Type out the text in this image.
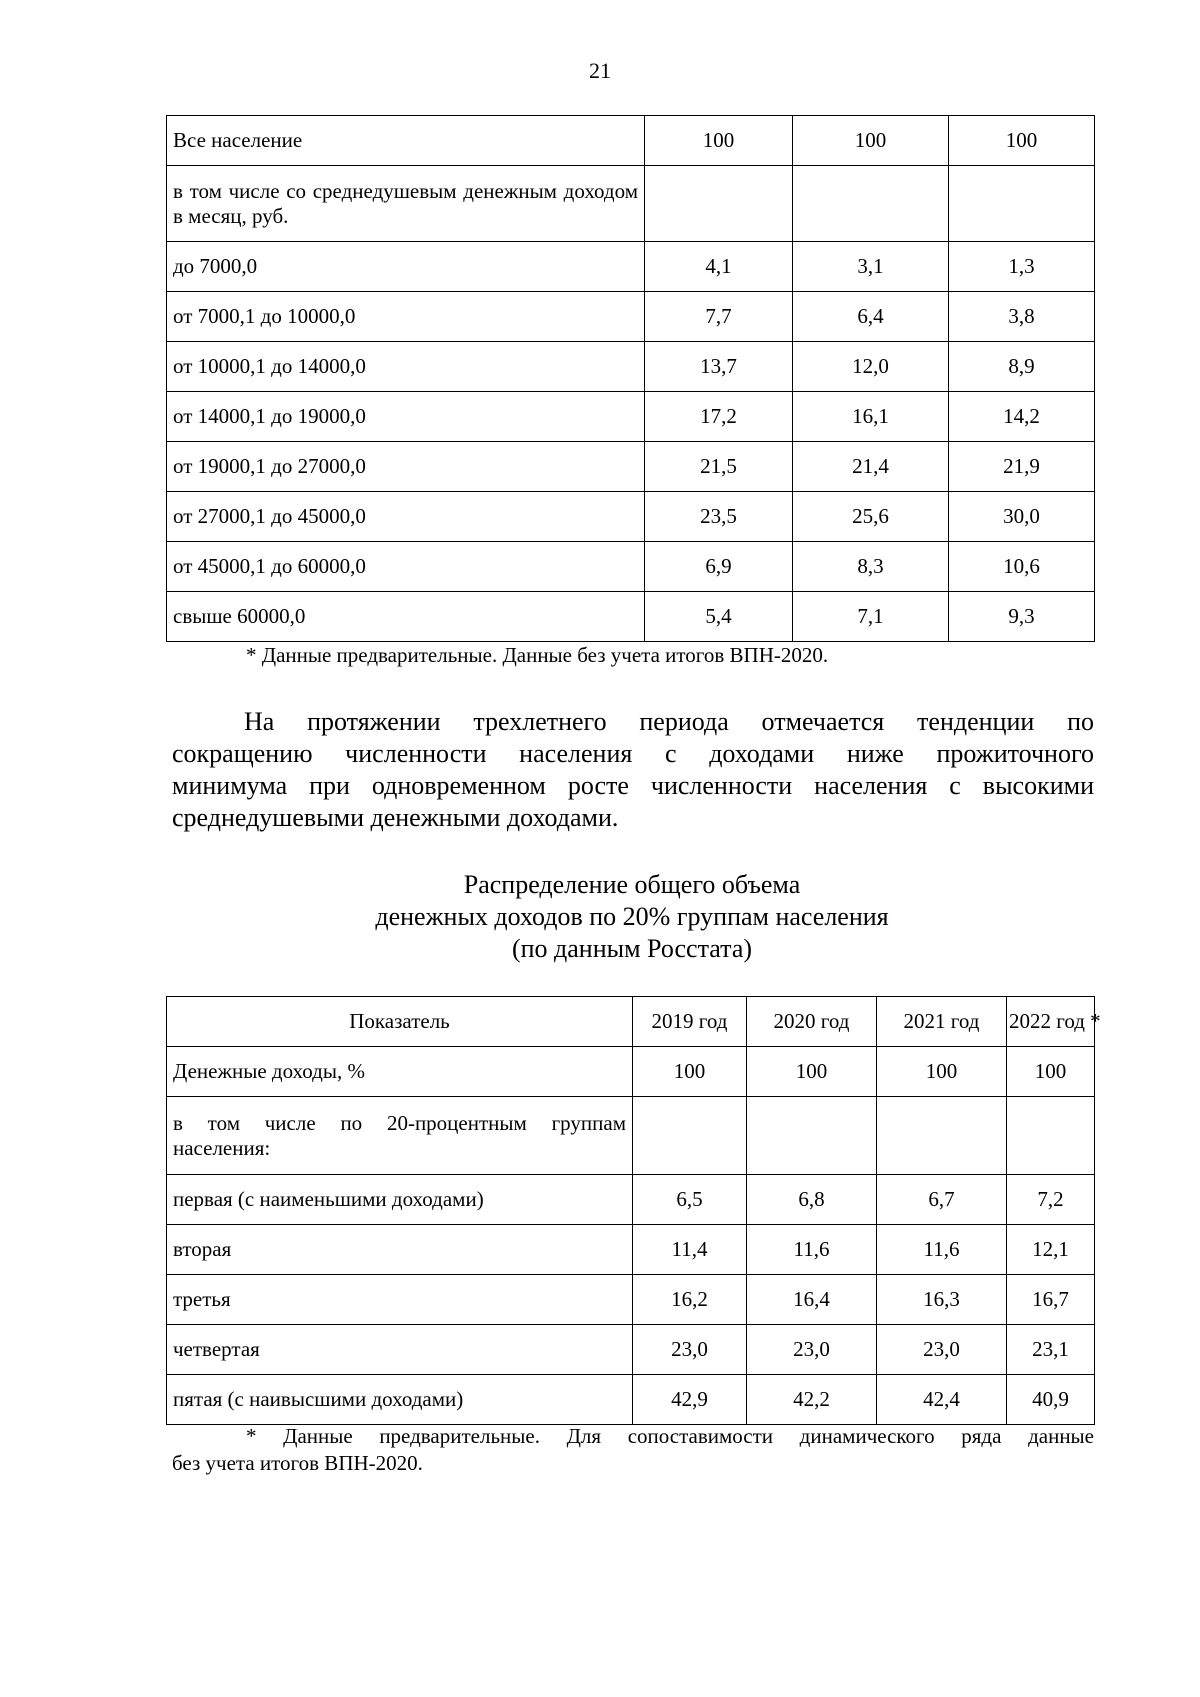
21
Все население	100	100	100
в том числе со среднедушевым денежным доходом в месяц, руб.			
до 7000,0	4,1	3,1	1,3
от 7000,1 до 10000,0	7,7	6,4	3,8
от 10000,1 до 14000,0	13,7	12,0	8,9
от 14000,1 до 19000,0	17,2	16,1	14,2
от 19000,1 до 27000,0	21,5	21,4	21,9
от 27000,1 до 45000,0	23,5	25,6	30,0
от 45000,1 до 60000,0	6,9	8,3	10,6
свыше 60000,0	5,4	7,1	9,3
* Данные предварительные. Данные без учета итогов ВПН-2020.
На протяжении трехлетнего периода отмечается тенденции по
сокращению численности населения с доходами ниже прожиточного
минимума при одновременном росте численности населения с высокими
среднедушевыми денежными доходами.
Распределение общего объема
денежных доходов по 20% группам населения
(по данным Росстата)
Показатель	2019 год	2020 год	2021 год	2022 год *
Денежные доходы, %	100	100	100	100
в том числе по 20-процентным группам населения:				
первая (с наименьшими доходами)	6,5	6,8	6,7	7,2
вторая	11,4	11,6	11,6	12,1
третья	16,2	16,4	16,3	16,7
четвертая	23,0	23,0	23,0	23,1
пятая (с наивысшими доходами)	42,9	42,2	42,4	40,9
* Данные предварительные. Для сопоставимости динамического ряда данные
без учета итогов ВПН-2020.
